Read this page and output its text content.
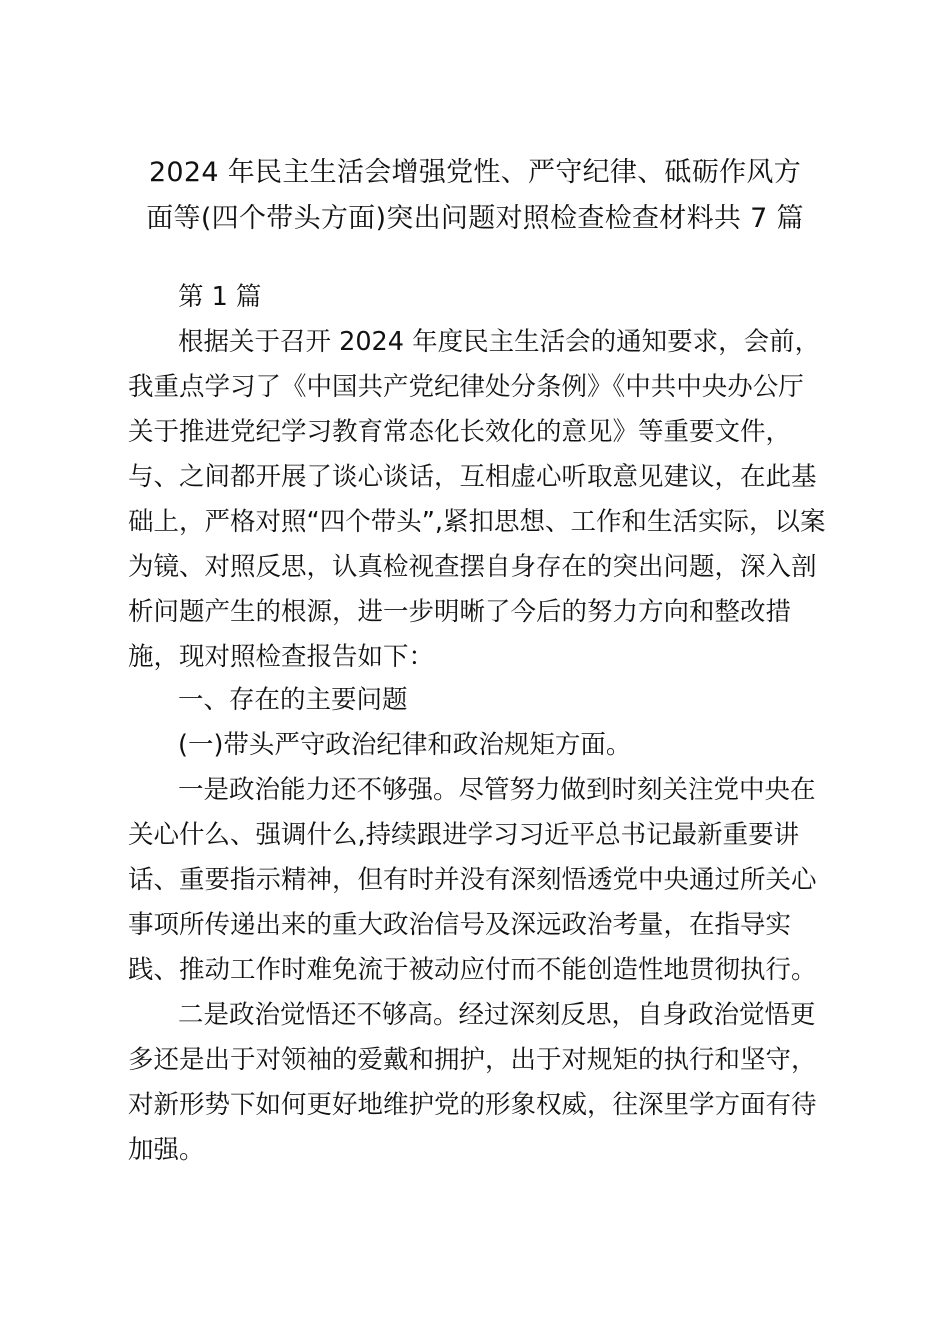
2024 年民主生活会增强党性、严守纪律、砥砺作风方
面等(四个带头方面)突出问题对照检查检查材料共 7 篇
第 1 篇
根据关于召开 2024 年度民主生活会的通知要求，会前，
我重点学习了《中国共产党纪律处分条例》《中共中央办公厅
关于推进党纪学习教育常态化长效化的意见》等重要文件，
与、之间都开展了谈心谈话，互相虚心听取意见建议，在此基
础上，严格对照“四个带头”,紧扣思想、工作和生活实际，以案
为镜、对照反思，认真检视查摆自身存在的突出问题，深入剖
析问题产生的根源，进一步明晰了今后的努力方向和整改措
施，现对照检查报告如下：
一、存在的主要问题
(一)带头严守政治纪律和政治规矩方面。
一是政治能力还不够强。尽管努力做到时刻关注党中央在
关心什么、强调什么,持续跟进学习习近平总书记最新重要讲
话、重要指示精神，但有时并没有深刻悟透党中央通过所关心
事项所传递出来的重大政治信号及深远政治考量，在指导实
践、推动工作时难免流于被动应付而不能创造性地贯彻执行。
二是政治觉悟还不够高。经过深刻反思，自身政治觉悟更
多还是出于对领袖的爱戴和拥护，出于对规矩的执行和坚守，
对新形势下如何更好地维护党的形象权威，往深里学方面有待
加强。
